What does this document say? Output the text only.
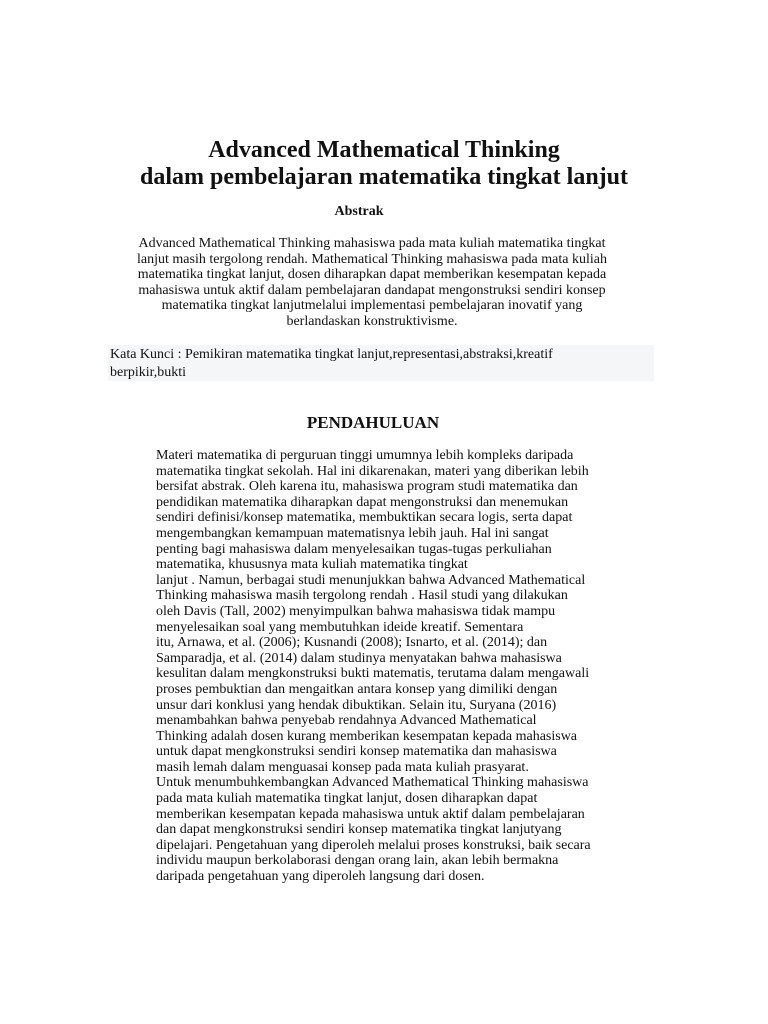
Advanced Mathematical Thinking
dalam pembelajaran matematika tingkat lanjut
Abstrak
Advanced Mathematical Thinking mahasiswa pada mata kuliah matematika tingkat
lanjut masih tergolong rendah. Mathematical Thinking mahasiswa pada mata kuliah
matematika tingkat lanjut, dosen diharapkan dapat memberikan kesempatan kepada
mahasiswa untuk aktif dalam pembelajaran dandapat mengonstruksi sendiri konsep
matematika tingkat lanjutmelalui implementasi pembelajaran inovatif yang
berlandaskan konstruktivisme.
Kata Kunci : Pemikiran matematika tingkat lanjut,representasi,abstraksi,kreatif
berpikir,bukti
PENDAHULUAN
Materi matematika di perguruan tinggi umumnya lebih kompleks daripada
matematika tingkat sekolah. Hal ini dikarenakan, materi yang diberikan lebih
bersifat abstrak. Oleh karena itu, mahasiswa program studi matematika dan
pendidikan matematika diharapkan dapat mengonstruksi dan menemukan
sendiri definisi/konsep matematika, membuktikan secara logis, serta dapat
mengembangkan kemampuan matematisnya lebih jauh. Hal ini sangat
penting bagi mahasiswa dalam menyelesaikan tugas-tugas perkuliahan
matematika, khususnya mata kuliah matematika tingkat
lanjut . Namun, berbagai studi menunjukkan bahwa Advanced Mathematical
Thinking mahasiswa masih tergolong rendah . Hasil studi yang dilakukan
oleh Davis (Tall, 2002) menyimpulkan bahwa mahasiswa tidak mampu
menyelesaikan soal yang membutuhkan ideide kreatif. Sementara
itu, Arnawa, et al. (2006); Kusnandi (2008); Isnarto, et al. (2014); dan
Samparadja, et al. (2014) dalam studinya menyatakan bahwa mahasiswa
kesulitan dalam mengkonstruksi bukti matematis, terutama dalam mengawali
proses pembuktian dan mengaitkan antara konsep yang dimiliki dengan
unsur dari konklusi yang hendak dibuktikan. Selain itu, Suryana (2016)
menambahkan bahwa penyebab rendahnya Advanced Mathematical
Thinking adalah dosen kurang memberikan kesempatan kepada mahasiswa
untuk dapat mengkonstruksi sendiri konsep matematika dan mahasiswa
masih lemah dalam menguasai konsep pada mata kuliah prasyarat.
Untuk menumbuhkembangkan Advanced Mathematical Thinking mahasiswa
pada mata kuliah matematika tingkat lanjut, dosen diharapkan dapat
memberikan kesempatan kepada mahasiswa untuk aktif dalam pembelajaran
dan dapat mengkonstruksi sendiri konsep matematika tingkat lanjutyang
dipelajari. Pengetahuan yang diperoleh melalui proses konstruksi, baik secara
individu maupun berkolaborasi dengan orang lain, akan lebih bermakna
daripada pengetahuan yang diperoleh langsung dari dosen.
